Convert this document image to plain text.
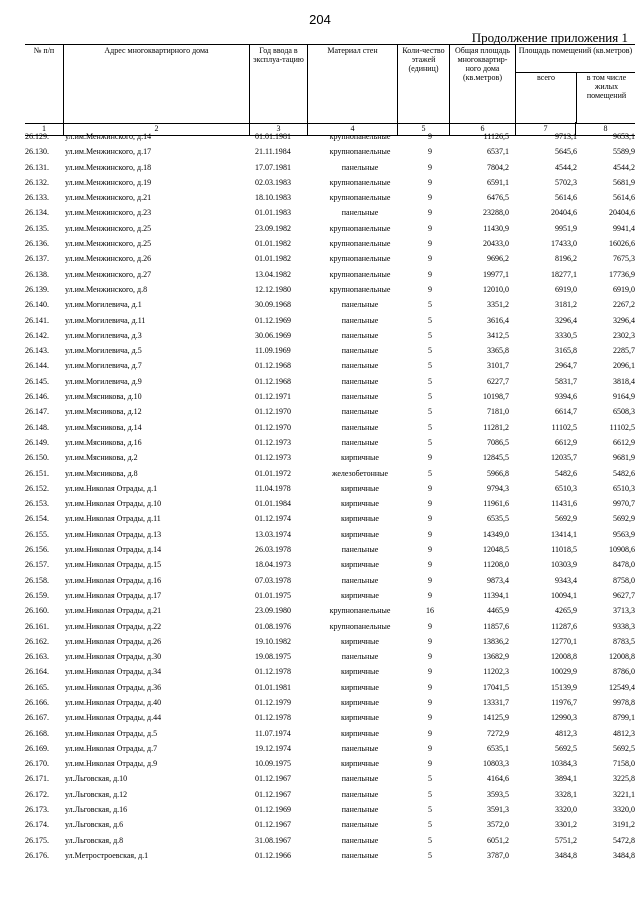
204
Продолжение приложения 1
№ п/п	Адрес многоквартирного дома	Год ввода в эксплуа-тацию
Материал стен	Коли-чество этажей (единиц)
Общая площадь многоквартир-ного дома (кв.метров)
Площадь помещений (кв.метров)
всего	в том числе жилых помещений
1	2	3	4	5	6	7	8
26.129.	ул.им.Менжинского, д.14	01.01.1981	крупнопанельные	9	11126,5	9713,1	9653,1
26.130.	ул.им.Менжинского, д.17	21.11.1984	крупнопанельные	9	6537,1	5645,6	5589,9
26.131.	ул.им.Менжинского, д.18	17.07.1981	панельные	9	7804,2	4544,2	4544,2
26.132.	ул.им.Менжинского, д.19	02.03.1983	крупнопанельные	9	6591,1	5702,3	5681,9
26.133.	ул.им.Менжинского, д.21	18.10.1983	крупнопанельные	9	6476,5	5614,6	5614,6
26.134.	ул.им.Менжинского, д.23	01.01.1983	панельные	9	23288,0	20404,6	20404,6
26.135.	ул.им.Менжинского, д.25	23.09.1982	крупнопанельные	9	11430,9	9951,9	9941,4
26.136.	ул.им.Менжинского, д.25	01.01.1982	крупнопанельные	9	20433,0	17433,0	16026,6
26.137.	ул.им.Менжинского, д.26	01.01.1982	крупнопанельные	9	9696,2	8196,2	7675,3
26.138.	ул.им.Менжинского, д.27	13.04.1982	крупнопанельные	9	19977,1	18277,1	17736,9
26.139.	ул.им.Менжинского, д.8	12.12.1980	крупнопанельные	9	12010,0	6919,0	6919,0
26.140.	ул.им.Могилевича, д.1	30.09.1968	панельные	5	3351,2	3181,2	2267,2
26.141.	ул.им.Могилевича, д.11	01.12.1969	панельные	5	3616,4	3296,4	3296,4
26.142.	ул.им.Могилевича, д.3	30.06.1969	панельные	5	3412,5	3330,5	2302,3
26.143.	ул.им.Могилевича, д.5	11.09.1969	панельные	5	3365,8	3165,8	2285,7
26.144.	ул.им.Могилевича, д.7	01.12.1968	панельные	5	3101,7	2964,7	2096,1
26.145.	ул.им.Могилевича, д.9	01.12.1968	панельные	5	6227,7	5831,7	3818,4
26.146.	ул.им.Мясникова, д.10	01.12.1971	панельные	5	10198,7	9394,6	9164,9
26.147.	ул.им.Мясникова, д.12	01.12.1970	панельные	5	7181,0	6614,7	6508,3
26.148.	ул.им.Мясникова, д.14	01.12.1970	панельные	5	11281,2	11102,5	11102,5
26.149.	ул.им.Мясникова, д.16	01.12.1973	панельные	5	7086,5	6612,9	6612,9
26.150.	ул.им.Мясникова, д.2	01.12.1973	кирпичные	9	12845,5	12035,7	9681,9
26.151.	ул.им.Мясникова, д.8	01.01.1972	железобетонные	5	5966,8	5482,6	5482,6
26.152.	ул.им.Николая Отрады, д.1	11.04.1978	кирпичные	9	9794,3	6510,3	6510,3
26.153.	ул.им.Николая Отрады, д.10	01.01.1984	кирпичные	9	11961,6	11431,6	9970,7
26.154.	ул.им.Николая Отрады, д.11	01.12.1974	кирпичные	9	6535,5	5692,9	5692,9
26.155.	ул.им.Николая Отрады, д.13	13.03.1974	кирпичные	9	14349,0	13414,1	9563,9
26.156.	ул.им.Николая Отрады, д.14	26.03.1978	панельные	9	12048,5	11018,5	10908,6
26.157.	ул.им.Николая Отрады, д.15	18.04.1973	кирпичные	9	11208,0	10303,9	8478,0
26.158.	ул.им.Николая Отрады, д.16	07.03.1978	панельные	9	9873,4	9343,4	8758,0
26.159.	ул.им.Николая Отрады, д.17	01.01.1975	кирпичные	9	11394,1	10094,1	9627,7
26.160.	ул.им.Николая Отрады, д.21	23.09.1980	крупнопанельные	16	4465,9	4265,9	3713,3
26.161.	ул.им.Николая Отрады, д.22	01.08.1976	крупнопанельные	9	11857,6	11287,6	9338,3
26.162.	ул.им.Николая Отрады, д.26	19.10.1982	кирпичные	9	13836,2	12770,1	8783,5
26.163.	ул.им.Николая Отрады, д.30	19.08.1975	панельные	9	13682,9	12008,8	12008,8
26.164.	ул.им.Николая Отрады, д.34	01.12.1978	кирпичные	9	11202,3	10029,9	8786,0
26.165.	ул.им.Николая Отрады, д.36	01.01.1981	кирпичные	9	17041,5	15139,9	12549,4
26.166.	ул.им.Николая Отрады, д.40	01.12.1979	кирпичные	9	13331,7	11976,7	9978,8
26.167.	ул.им.Николая Отрады, д.44	01.12.1978	кирпичные	9	14125,9	12990,3	8799,1
26.168.	ул.им.Николая Отрады, д.5	11.07.1974	кирпичные	9	7272,9	4812,3	4812,3
26.169.	ул.им.Николая Отрады, д.7	19.12.1974	панельные	9	6535,1	5692,5	5692,5
26.170.	ул.им.Николая Отрады, д.9	10.09.1975	кирпичные	9	10803,3	10384,3	7158,0
26.171.	ул.Льговская, д.10	01.12.1967	панельные	5	4164,6	3894,1	3225,8
26.172.	ул.Льговская, д.12	01.12.1967	панельные	5	3593,5	3328,1	3221,1
26.173.	ул.Льговская, д.16	01.12.1969	панельные	5	3591,3	3320,0	3320,0
26.174.	ул.Льговская, д.6	01.12.1967	панельные	5	3572,0	3301,2	3191,2
26.175.	ул.Льговская, д.8	31.08.1967	панельные	5	6051,2	5751,2	5472,8
26.176.	ул.Метростроевская, д.1	01.12.1966	панельные	5	3787,0	3484,8	3484,8
